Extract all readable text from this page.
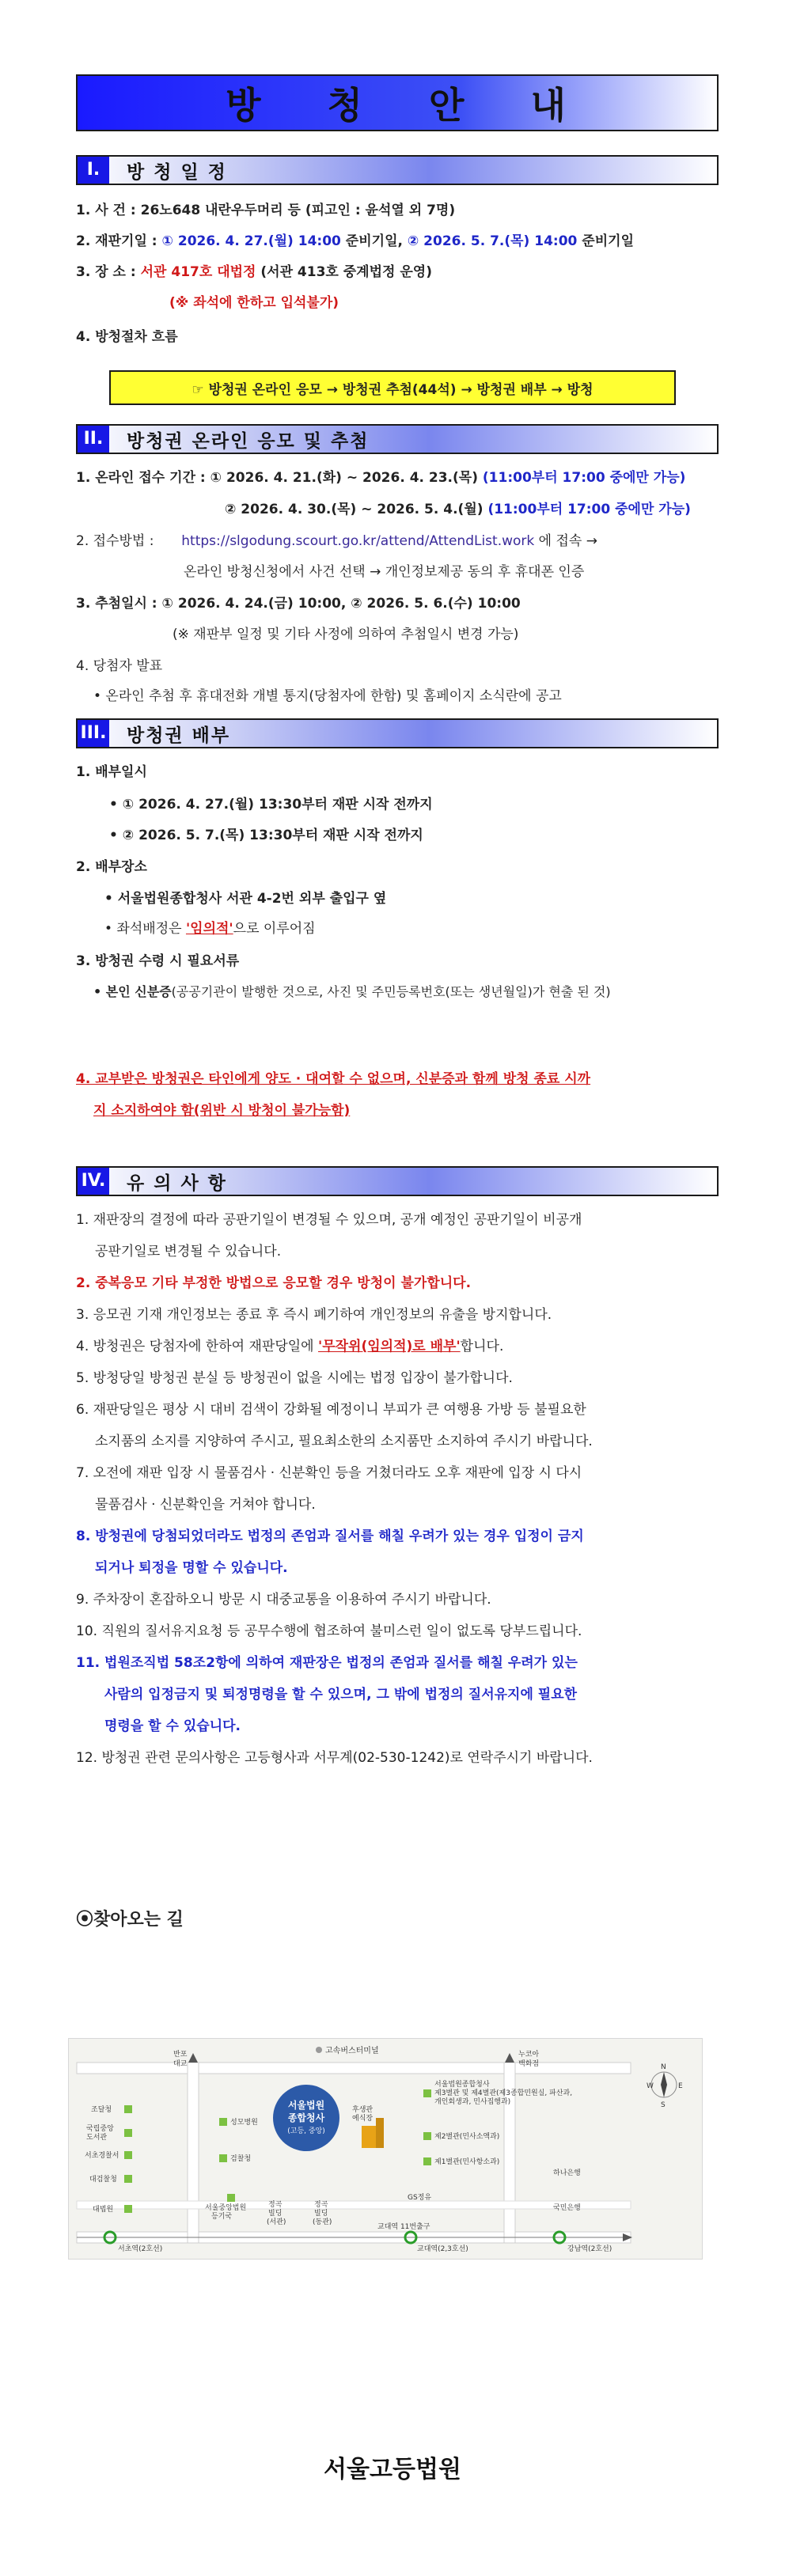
방 청 안 내
I.	방 청 일 정
1. 사 건 : 26노648 내란우두머리 등 (피고인 : 윤석열 외 7명)
2. 재판기일 : ① 2026. 4. 27.(월) 14:00 준비기일, ② 2026. 5. 7.(목) 14:00 준비기일
3. 장 소 : 서관 417호 대법정 (서관 413호 중계법정 운영)
(※ 좌석에 한하고 입석불가)
4. 방청절차 흐름
☞ 방청권 온라인 응모 → 방청권 추첨(44석) → 방청권 배부 → 방청
II.	방청권 온라인 응모 및 추첨
1. 온라인 접수 기간 : ① 2026. 4. 21.(화) ~ 2026. 4. 23.(목) (11:00부터 17:00 중에만 가능)
② 2026. 4. 30.(목) ~ 2026. 5. 4.(월) (11:00부터 17:00 중에만 가능)
2. 접수방법 : https://slgodung.scourt.go.kr/attend/AttendList.work 에 접속 →
온라인 방청신청에서 사건 선택 → 개인정보제공 동의 후 휴대폰 인증
3. 추첨일시 : ① 2026. 4. 24.(금) 10:00, ② 2026. 5. 6.(수) 10:00
(※ 재판부 일정 및 기타 사정에 의하여 추첨일시 변경 가능)
4. 당첨자 발표
• 온라인 추첨 후 휴대전화 개별 통지(당첨자에 한함) 및 홈페이지 소식란에 공고
III. 방청권 배부
1. 배부일시
• ① 2026. 4. 27.(월) 13:30부터 재판 시작 전까지
• ② 2026. 5. 7.(목) 13:30부터 재판 시작 전까지
2. 배부장소
• 서울법원종합청사 서관 4-2번 외부 출입구 옆
• 좌석배정은 '임의적'으로 이루어짐
3. 방청권 수령 시 필요서류
• 본인 신분증(공공기관이 발행한 것으로, 사진 및 주민등록번호(또는 생년월일)가 현출 된 것)
4. 교부받은 방청권은 타인에게 양도 · 대여할 수 없으며, 신분증과 함께 방청 종료 시까
지 소지하여야 함(위반 시 방청이 불가능함)
IV. 유 의 사 항
1. 재판장의 결정에 따라 공판기일이 변경될 수 있으며, 공개 예정인 공판기일이 비공개
공판기일로 변경될 수 있습니다.
2. 중복응모 기타 부정한 방법으로 응모할 경우 방청이 불가합니다.
3. 응모권 기재 개인정보는 종료 후 즉시 폐기하여 개인정보의 유출을 방지합니다.
4. 방청권은 당첨자에 한하여 재판당일에 '무작위(임의적)로 배부'합니다.
5. 방청당일 방청권 분실 등 방청권이 없을 시에는 법정 입장이 불가합니다.
6. 재판당일은 평상 시 대비 검색이 강화될 예정이니 부피가 큰 여행용 가방 등 불필요한
소지품의 소지를 지양하여 주시고, 필요최소한의 소지품만 소지하여 주시기 바랍니다.
7. 오전에 재판 입장 시 물품검사 · 신분확인 등을 거쳤더라도 오후 재판에 입장 시 다시
물품검사 · 신분확인을 거쳐야 합니다.
8. 방청권에 당첨되었더라도 법정의 존엄과 질서를 해칠 우려가 있는 경우 입정이 금지
되거나 퇴정을 명할 수 있습니다.
9. 주차장이 혼잡하오니 방문 시 대중교통을 이용하여 주시기 바랍니다.
10. 직원의 질서유지요청 등 공무수행에 협조하여 불미스런 일이 없도록 당부드립니다.
11. 법원조직법 58조2항에 의하여 재판장은 법정의 존엄과 질서를 해칠 우려가 있는
사람의 입정금지 및 퇴정명령을 할 수 있으며, 그 밖에 법정의 질서유지에 필요한
명령을 할 수 있습니다.
12. 방청권 관련 문의사항은 고등형사과 서무계(02-530-1242)로 연락주시기 바랍니다.
⦿찾아오는 길
고속버스터미널
반포
대교
누코아
백화점	N
W	E
S
서울법원
종합청사
(고등, 중앙)
조달청
국립중앙
도서관
서초경찰서
대검찰청
대법원
성모병원
검찰청
후생관
예식장
서울법원종합청사
제3별관 및 제4별관(제3종합민원실, 파산과,
개인회생과, 민사집행과)
제2별관(민사소액과)
제1별관(민사항소과)
서울중앙법원
등기국
정곡
빌딩
(서관)
정곡
빌딩
(동관)
GS정유
하나은행
국민은행
교대역 11번출구
서초역(2호선)	교대역(2,3호선)	강남역(2호선)
서울고등법원
